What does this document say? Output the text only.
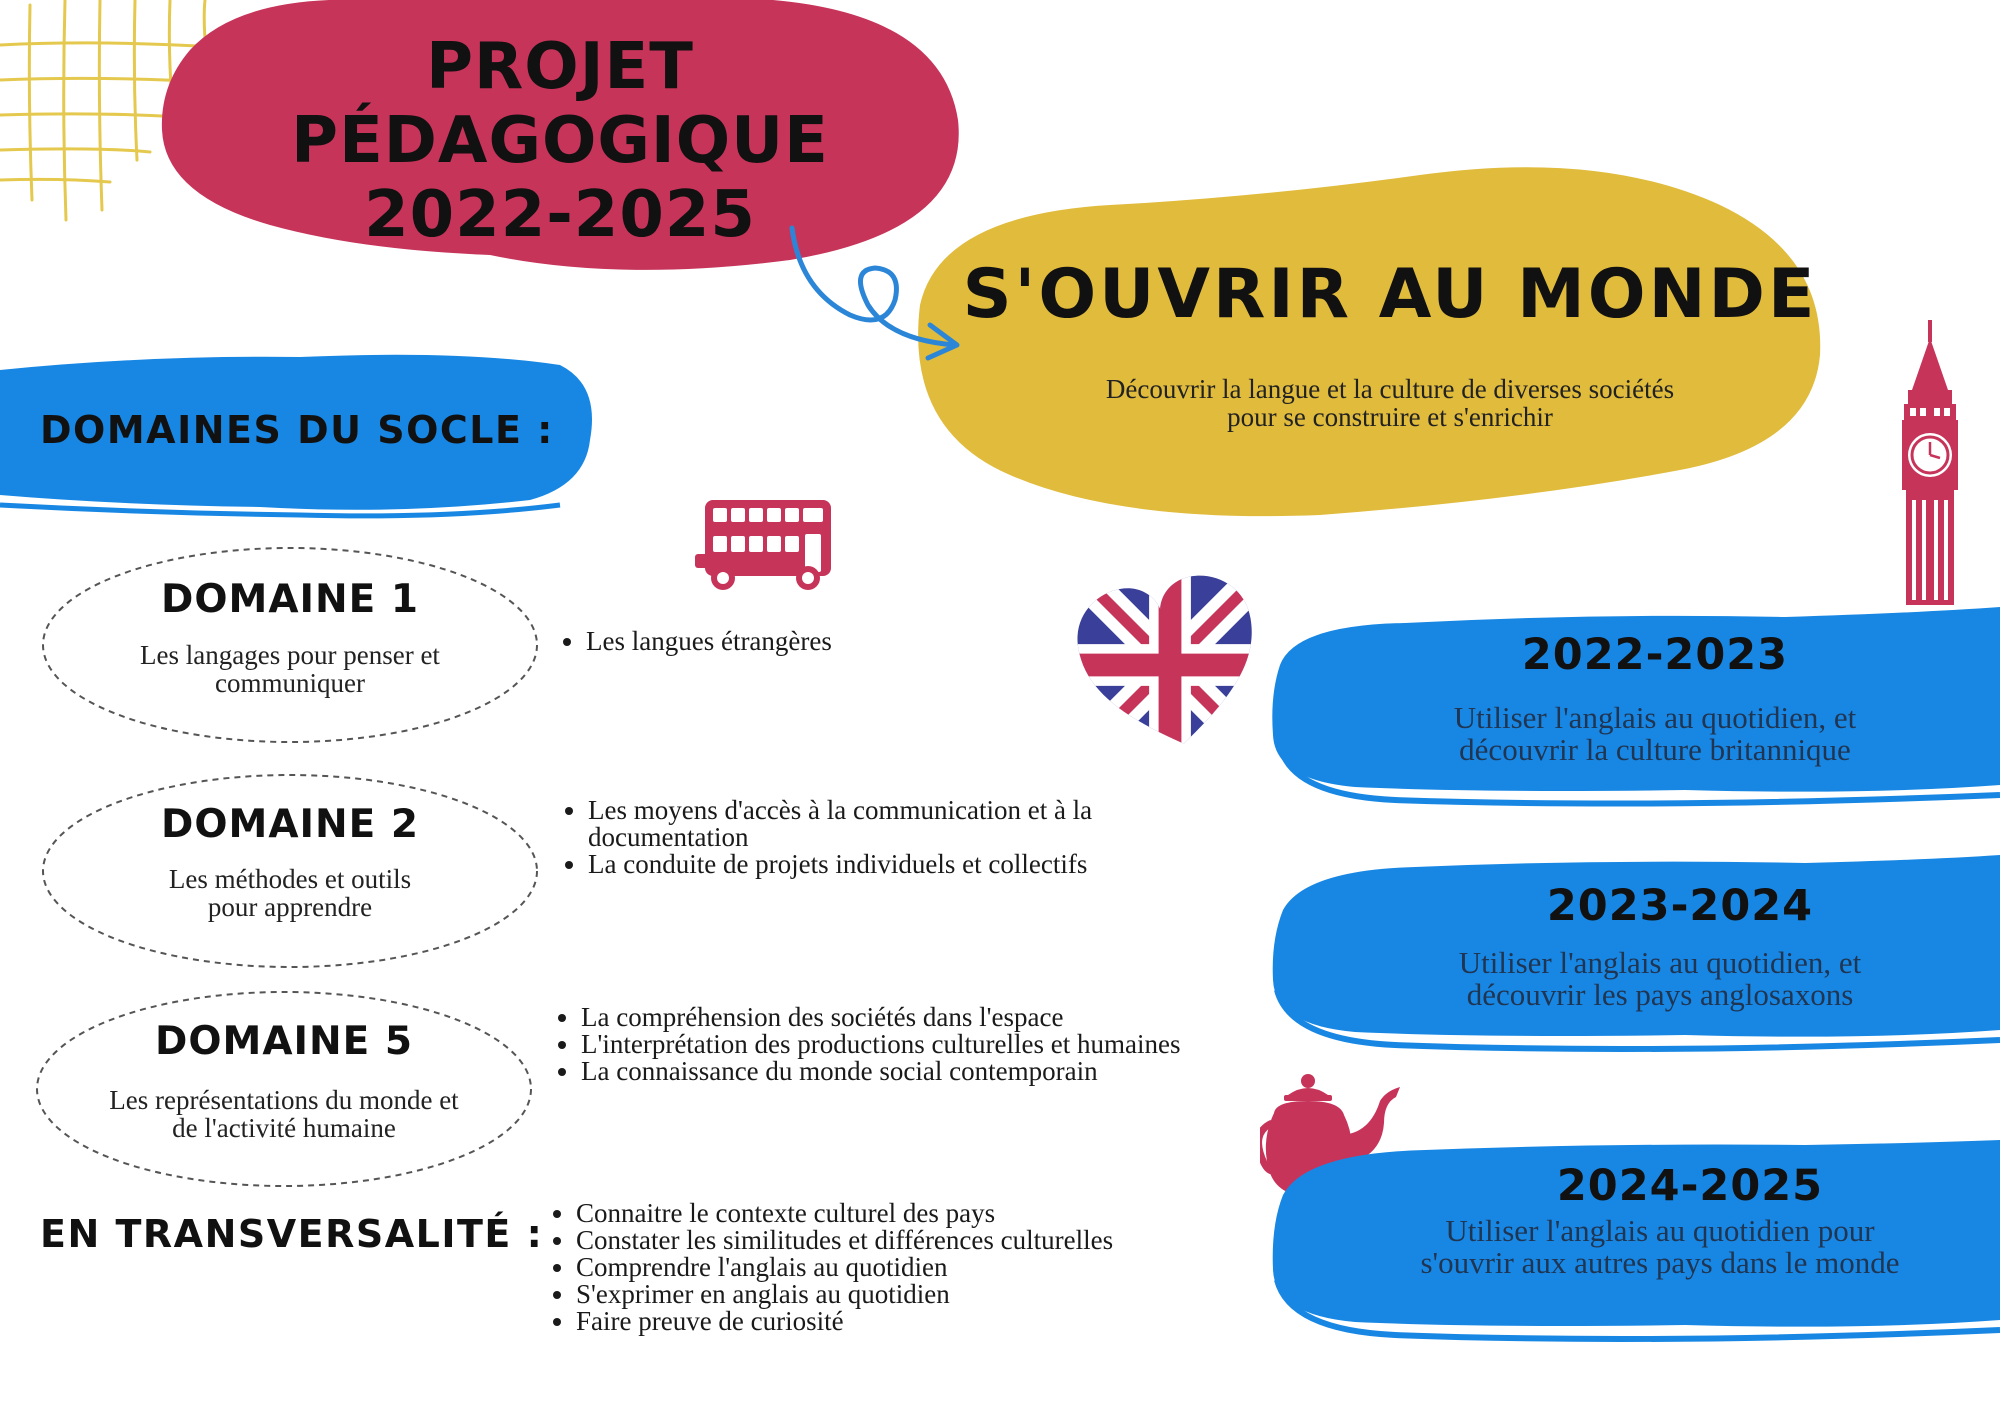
PROJET
PÉDAGOGIQUE
2022-2025
S'OUVRIR AU MONDE
Découvrir la langue et la culture de diverses sociétés
pour se construire et s'enrichir
DOMAINES DU SOCLE :
DOMAINE 1
Les langages pour penser et
communiquer
• Les langues étrangères
DOMAINE 2
Les méthodes et outils
pour apprendre
• Les moyens d'accès à la communication et à la documentation
• La conduite de projets individuels et collectifs
DOMAINE 5
Les représentations du monde et
de l'activité humaine
• La compréhension des sociétés dans l'espace
• L'interprétation des productions culturelles et humaines
• La connaissance du monde social contemporain
EN TRANSVERSALITÉ :
• Connaitre le contexte culturel des pays
• Constater les similitudes et différences culturelles
• Comprendre l'anglais au quotidien
• S'exprimer en anglais au quotidien
• Faire preuve de curiosité
2022-2023
Utiliser l'anglais au quotidien, et
découvrir la culture britannique
2023-2024
Utiliser l'anglais au quotidien, et
découvrir les pays anglosaxons
2024-2025
Utiliser l'anglais au quotidien pour
s'ouvrir aux autres pays dans le monde
